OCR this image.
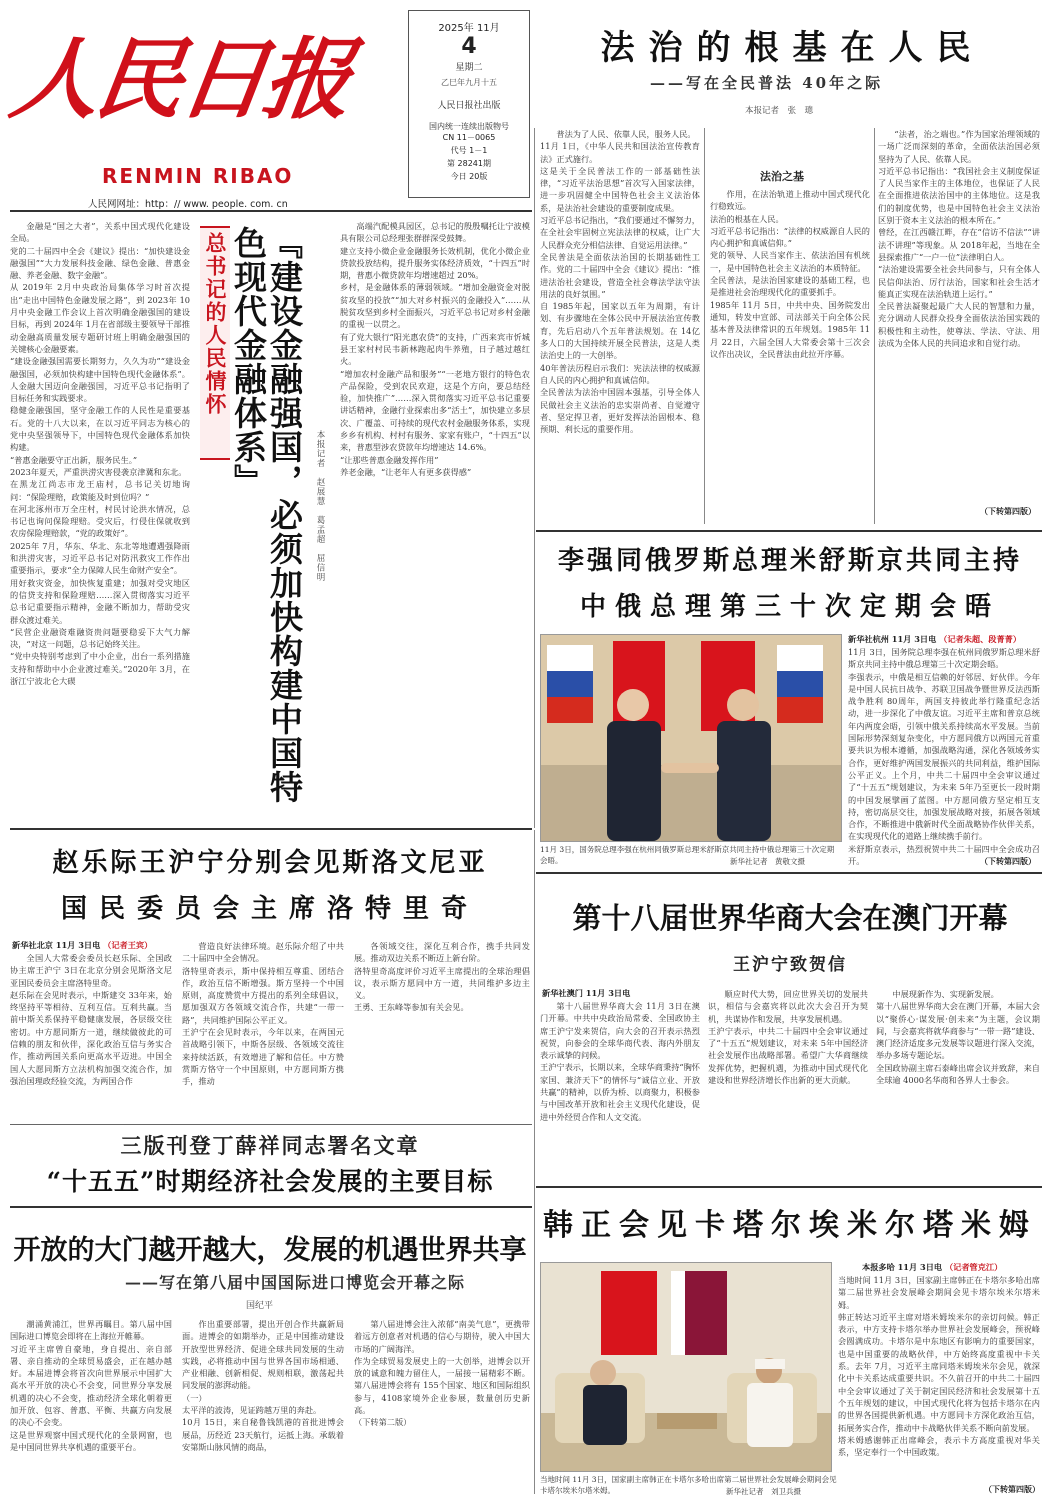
人民日报
RENMIN RIBAO
人民网网址：http：// www. people. com. cn
2025年 11月
4
星期二
乙巳年九月十五
人民日报社出版
国内统一连续出版物号
CN 11－0065
代号 1－1
第 28241期
今日 20版
法治的根基在人民
——写在全民普法 40年之际
本报记者　张　璁
普法为了人民、依靠人民，服务人民。
11月 1日，《中华人民共和国法治宣传教育法》正式施行。
这是关于全民普法工作的一部基础性法律，“习近平法治思想”首次写入国家法律，进一步巩固健全中国特色社会主义法治体系，是法治社会建设的重要制度成果。
习近平总书记指出，“我们要通过不懈努力，在全社会牢固树立宪法法律的权威，让广大人民群众充分相信法律、自觉运用法律。”
全民普法是全面依法治国的长期基础性工作。党的二十届四中全会《建议》提出：“推进法治社会建设，营造全社会尊法学法守法用法的良好氛围。”
自 1985年起，国家以五年为周期，有计划、有步骤地在全体公民中开展法治宣传教育，先后启动八个五年普法规划。在 14亿多人口的大国持续开展全民普法，这是人类法治史上的一大创举。
40年普法历程启示我们：宪法法律的权威源自人民的内心拥护和真诚信仰。
全民普法为法治中国固本强基，引导全体人民做社会主义法治的忠实崇尚者、自觉遵守者、坚定捍卫者，更好发挥法治固根本、稳预期、利长远的重要作用。
法治之基
作用，在法治轨道上推动中国式现代化行稳致远。
法治的根基在人民。
习近平总书记指出：“法律的权威源自人民的内心拥护和真诚信仰。”
党的领导、人民当家作主、依法治国有机统一，是中国特色社会主义法治的本质特征。
全民普法，是法治国家建设的基础工程，也是推进社会治理现代化的重要抓手。
1985年 11月 5日，中共中央、国务院发出通知，转发中宣部、司法部关于向全体公民基本普及法律常识的五年规划。1985年 11月 22日，六届全国人大常委会第十三次会议作出决议，全民普法由此拉开序幕。
“法者，治之端也。”作为国家治理领域的一场广泛而深刻的革命，全面依法治国必须坚持为了人民、依靠人民。
习近平总书记指出：“我国社会主义制度保证了人民当家作主的主体地位，也保证了人民在全面推进依法治国中的主体地位。这是我们的制度优势，也是中国特色社会主义法治区别于资本主义法治的根本所在。”
曾经，在江西赣江畔，存在“信访不信法”“讲法不讲理”等现象。从 2018年起，当地在全县探索推广“一户一位”法律明白人。
“法治建设需要全社会共同参与，只有全体人民信仰法治、厉行法治，国家和社会生活才能真正实现在法治轨道上运行。”
全民普法凝聚起最广大人民的智慧和力量，充分调动人民群众投身全面依法治国实践的积极性和主动性，使尊法、学法、守法、用法成为全体人民的共同追求和自觉行动。
（下转第四版）
金融是“国之大者”，关系中国式现代化建设全局。
党的二十届四中全会《建议》提出：“加快建设金融强国”“大力发展科技金融、绿色金融、普惠金融、养老金融、数字金融”。
从 2019年 2月中央政治局集体学习时首次提出“走出中国特色金融发展之路”，到 2023年 10月中央金融工作会议上首次明确金融强国的建设目标，再到 2024年 1月在省部级主要领导干部推动金融高质量发展专题研讨班上明确金融强国的关键核心金融要素。
“建设金融强国需要长期努力，久久为功”“建设金融强国，必须加快构建中国特色现代金融体系”。人金融大国迈向金融强国，习近平总书记指明了目标任务和实践要求。
稳健金融强国，坚守金融工作的人民性是重要基石。党的十八大以来，在以习近平同志为核心的党中央坚强领导下，中国特色现代金融体系加快构建。
“普惠金融要守正出新，服务民生。”
2023年夏天，严重洪涝灾害侵袭京津冀和东北。
在黑龙江尚志市龙王庙村，总书记关切地询问：“保险理赔，政策能及时到位吗？”
在河北涿州市万全庄村，村民讨论洪水情况，总书记也询问保险理赔。受灾后，行侵住保就收到农房保险理赔款，“党的政策好”。
2025年 7月，华东、华北、东北等地遭遇强降雨和洪涝灾害，习近平总书记对防汛救灾工作作出重要指示，要求“全力保障人民生命财产安全”。
用好救灾资金，加快恢复重建；加强对受灾地区的信贷支持和保险理赔……深入贯彻落实习近平总书记重要指示精神，金融不断加力，帮助受灾群众渡过难关。
“民营企业融资难融资贵问题要稳妥下大气力解决，“对这一问题，总书记始终关注。
“党中央特别考虑到了中小企业，出台一系列措施支持和帮助中小企业渡过难关。”2020年 3月，在浙江宁波北仑大碶
总书记的人民情怀	『建设金融强国，必须加快构建中国特色现代金融体系』
本报记者　赵展慧　葛孟超　屈信明
高端汽配模具园区，总书记的殷殷嘱托让宁波模具有限公司总经理张群群深受鼓舞。
建立支持小微企业金融服务长效机制，优化小微企业贷款投放结构，提升服务实体经济质效，“十四五”时期，普惠小微贷款年均增速超过 20%。
乡村，是金融体系的薄弱领域。“增加金融资金对脱贫攻坚的投放”“加大对乡村振兴的金融投入”……从脱贫攻坚到乡村全面振兴，习近平总书记对乡村金融的重视一以贯之。
有了党大银行“阳光惠农贷”的支持，广西来宾市忻城县王家村村民韦新林跑起肉牛养殖，日子越过越红火。
“增加农村金融产品和服务”“一老地方银行的特色农产品保险，受到农民欢迎，这是个方向，要总结经验，加快推广”……深入贯彻落实习近平总书记重要讲话精神，金融行业探索出多“活土”，加快建立多层次、广覆盖、可持续的现代农村金融服务体系，实现乡乡有机构、村村有服务、家家有账户，“十四五”以来，普惠型涉农贷款年均增速达 14.6%。
“让那些普惠金融发挥作用”
养老金融，“让老年人有更多获得感”
李强同俄罗斯总理米舒斯京共同主持
中俄总理第三十次定期会晤
11月 3日，国务院总理李强在杭州同俄罗斯总理米舒斯京共同主持中俄总理第三十次定期会晤。	新华社记者　黄敬文摄
新华社杭州 11月 3日电 （记者朱超、段菁菁）
11月 3日，国务院总理李强在杭州同俄罗斯总理米舒斯京共同主持中俄总理第三十次定期会晤。
李强表示，中俄是相互信赖的好邻居、好伙伴。今年是中国人民抗日战争、苏联卫国战争暨世界反法西斯战争胜利 80周年，两国支持彼此举行隆重纪念活动，进一步深化了中俄友谊。习近平主席和普京总统年内两度会晤，引领中俄关系持续高水平发展。当前国际形势深刻复杂变化，中方愿同俄方以两国元首重要共识为根本遵循，加强战略沟通，深化各领域务实合作，更好维护两国发展振兴的共同利益，维护国际公平正义。上个月，中共二十届四中全会审议通过了“十五五”规划建议，为未来 5年乃至更长一段时期的中国发展擘画了蓝图。中方愿同俄方坚定相互支持，密切高层交往，加强发展战略对接，拓展各领域合作，不断推进中俄新时代全面战略协作伙伴关系，在实现现代化的道路上继续携手前行。
米舒斯京表示，热烈祝贺中共二十届四中全会成功召开。	（下转第四版）
赵乐际王沪宁分别会见斯洛文尼亚
国民委员会主席洛特里奇
新华社北京 11月 3日电 （记者王宾）
全国人大常委会委员长赵乐际、全国政协主席王沪宁 3日在北京分别会见斯洛文尼亚国民委员会主席洛特里奇。
赵乐际在会见时表示，中斯建交 33年来，始终坚持平等相待、互利互信。互利共赢。当前中斯关系保持平稳健康发展，各层级交往密切。中方愿同斯方一道，继续做彼此的可信赖的朋友和伙伴，深化政治互信与务实合作，推动两国关系向更高水平迈进。中国全国人大愿同斯方立法机构加强交流合作，加强治国理政经验交流，为两国合作
营造良好法律环境。赵乐际介绍了中共二十届四中全会情况。
洛特里奇表示，斯中保持相互尊重、团结合作，政治互信不断增强。斯方坚持一个中国原则，高度赞赏中方提出的系列全球倡议，愿加强双方各领域交流合作，共建“一带一路”，共同维护国际公平正义。
王沪宁在会见时表示，今年以来，在两国元首战略引领下，中斯各层级、各领域交流往来持续活跃，有效增进了解和信任。中方赞赏斯方恪守一个中国原则，中方愿同斯方携手，推动
各领域交往，深化互利合作，携手共同发展。推动双边关系不断迈上新台阶。
洛特里奇高度评价习近平主席提出的全球治理倡议，表示斯方愿同中方一道，共同维护多边主义。
王勇、王东峰等参加有关会见。
三版刊登丁薛祥同志署名文章
“十五五”时期经济社会发展的主要目标
开放的大门越开越大，发展的机遇世界共享
——写在第八届中国国际进口博览会开幕之际
国纪平
潮涌黄浦江，世界再瞩目。第八届中国国际进口博览会即将在上海拉开帷幕。
习近平主席曾自豪地，身自提出、亲自部署、亲自推动的全球贸易盛会，正在越办越好。本届进博会将首次向世界展示中国扩大高水平开放的决心不会变，同世界分享发展机遇的决心不会变，推动经济全球化朝着更加开放、包容、普惠、平衡、共赢方向发展的决心不会变。
这是世界观察中国式现代化的全景网窗，也是中国同世界共享机遇的重要平台。
作出重要部署，提出开创合作共赢新局面。进博会的如期举办，正是中国推动建设开放型世界经济、促进全球共同发展的生动实践，必将推动中国与世界各国市场相通、产业相融、创新相促、规则相联，激荡起共同发展的澎湃动能。
（一）
太平洋的波涛，见证跨越万里的奔赴。
10月 15日，来自秘鲁钱凯港的首批进博会展品，历经近 23天航行，运抵上海。承载着安第斯山脉风情的商品，
第八届进博会注入浓郁“南美气息”，更携带着远方创意者对机遇的信心与期待，驶入中国大市场的广阔海洋。
作为全球贸易发展史上的一大创举，进博会以开放的诚意和魄力留住人，一届接一届精彩不断。第八届进博会将有 155个国家、地区和国际组织参与，4108家境外企业参展，数量创历史新高。
（下转第二版）
第十八届世界华商大会在澳门开幕
王沪宁致贺信
新华社澳门 11月 3日电
第十八届世界华商大会 11月 3日在澳门开幕。中共中央政治局常委、全国政协主席王沪宁发来贺信，向大会的召开表示热烈祝贺，向参会的全球华商代表、海内外朋友表示诚挚的问候。
王沪宁表示，长期以来，全球华商秉持“胸怀家国、兼济天下”的情怀与“诚信立业、开放共赢”的精神，以侨为桥、以商聚力，积极参与中国改革开放和社会主义现代化建设，促进中外经贸合作和人文交流。
顺应时代大势，回应世界关切的发展共识，相信与会嘉宾将以此次大会召开为契机，共谋协作和发展，共享发展机遇。
王沪宁表示，中共二十届四中全会审议通过了“十五五”规划建议，对未来 5年中国经济社会发展作出战略部署。希望广大华商继续发挥优势，把握机遇，为推动中国式现代化建设和世界经济增长作出新的更大贡献。
中展现新作为、实现新发展。
第十八届世界华商大会在澳门开幕，本届大会以“聚侨心·谋发展·创未来”为主题，会议期间，与会嘉宾将就华商参与“一带一路”建设、澳门经济适度多元发展等议题进行深入交流，举办多场专题论坛。
全国政协副主席石泰峰出席会议并致辞，来自全球逾 4000名华商和各界人士参会。
韩正会见卡塔尔埃米尔塔米姆
当地时间 11月 3日，国家副主席韩正在卡塔尔多哈出席第二届世界社会发展峰会期间会见卡塔尔埃米尔塔米姆。	新华社记者　刘卫兵摄
本报多哈 11月 3日电 （记者管克江）
当地时间 11月 3日，国家副主席韩正在卡塔尔多哈出席第二届世界社会发展峰会期间会见卡塔尔埃米尔塔米姆。
韩正转达习近平主席对塔米姆埃米尔的亲切问候。韩正表示，中方支持卡塔尔举办世界社会发展峰会，预祝峰会圆满成功。卡塔尔是中东地区有影响力的重要国家，也是中国重要的战略伙伴，中方始终高度重视中卡关系。去年 7月，习近平主席同塔米姆埃米尔会见，就深化中卡关系达成重要共识。不久前召开的中共二十届四中全会审议通过了关于制定国民经济和社会发展第十五个五年规划的建议，中国式现代化将为包括卡塔尔在内的世界各国提供新机遇。中方愿同卡方深化政治互信，拓展务实合作，推动中卡战略伙伴关系不断向前发展。
塔米姆感谢韩正出席峰会，表示卡方高度重视对华关系，坚定奉行一个中国政策。
（下转第四版）
